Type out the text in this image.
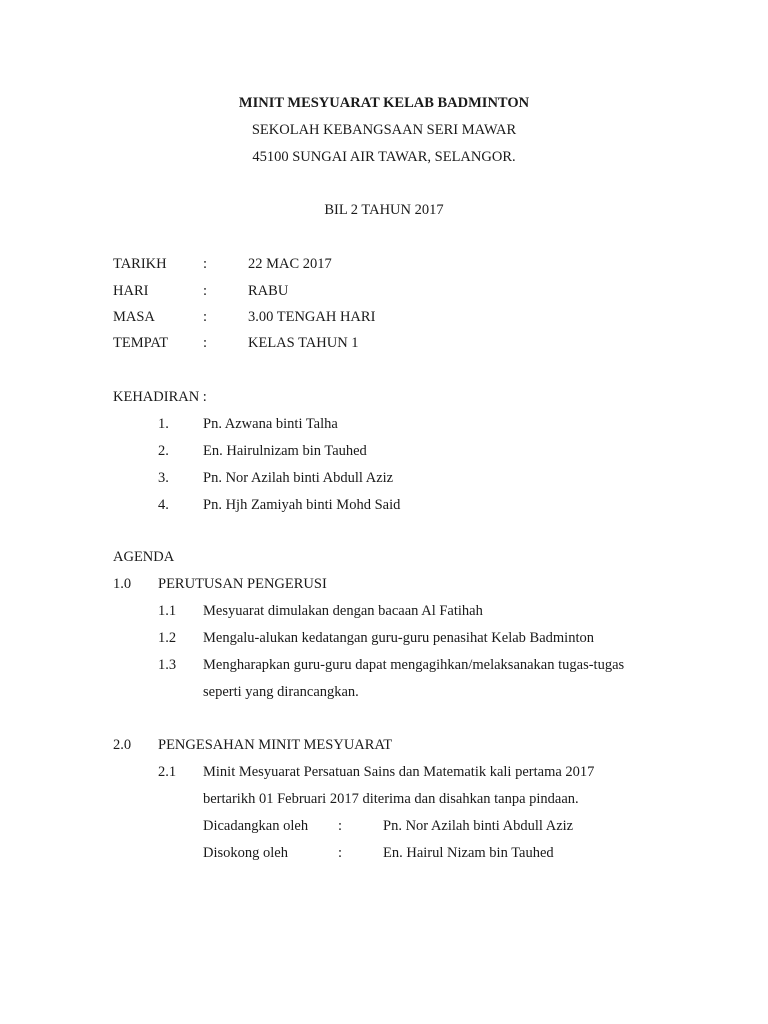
MINIT MESYUARAT KELAB BADMINTON
SEKOLAH KEBANGSAAN SERI MAWAR
45100 SUNGAI AIR TAWAR, SELANGOR.
BIL 2 TAHUN 2017
TARIKH	:	22 MAC 2017
HARI	:	RABU
MASA	:	3.00 TENGAH HARI
TEMPAT :	KELAS TAHUN 1
KEHADIRAN :
1. Pn. Azwana binti Talha
2. En. Hairulnizam bin Tauhed
3. Pn. Nor Azilah binti Abdull Aziz
4. Pn. Hjh Zamiyah binti Mohd Said
AGENDA
1.0 PERUTUSAN PENGERUSI
1.1 Mesyuarat dimulakan dengan bacaan Al Fatihah
1.2 Mengalu-alukan kedatangan guru-guru penasihat Kelab Badminton
1.3 Mengharapkan guru-guru dapat mengagihkan/melaksanakan tugas-tugas
seperti yang dirancangkan.
2.0 PENGESAHAN MINIT MESYUARAT
2.1 Minit Mesyuarat Persatuan Sains dan Matematik kali pertama 2017
bertarikh 01 Februari 2017 diterima dan disahkan tanpa pindaan.
Dicadangkan oleh :	Pn. Nor Azilah binti Abdull Aziz
Disokong oleh	:	En. Hairul Nizam bin Tauhed
